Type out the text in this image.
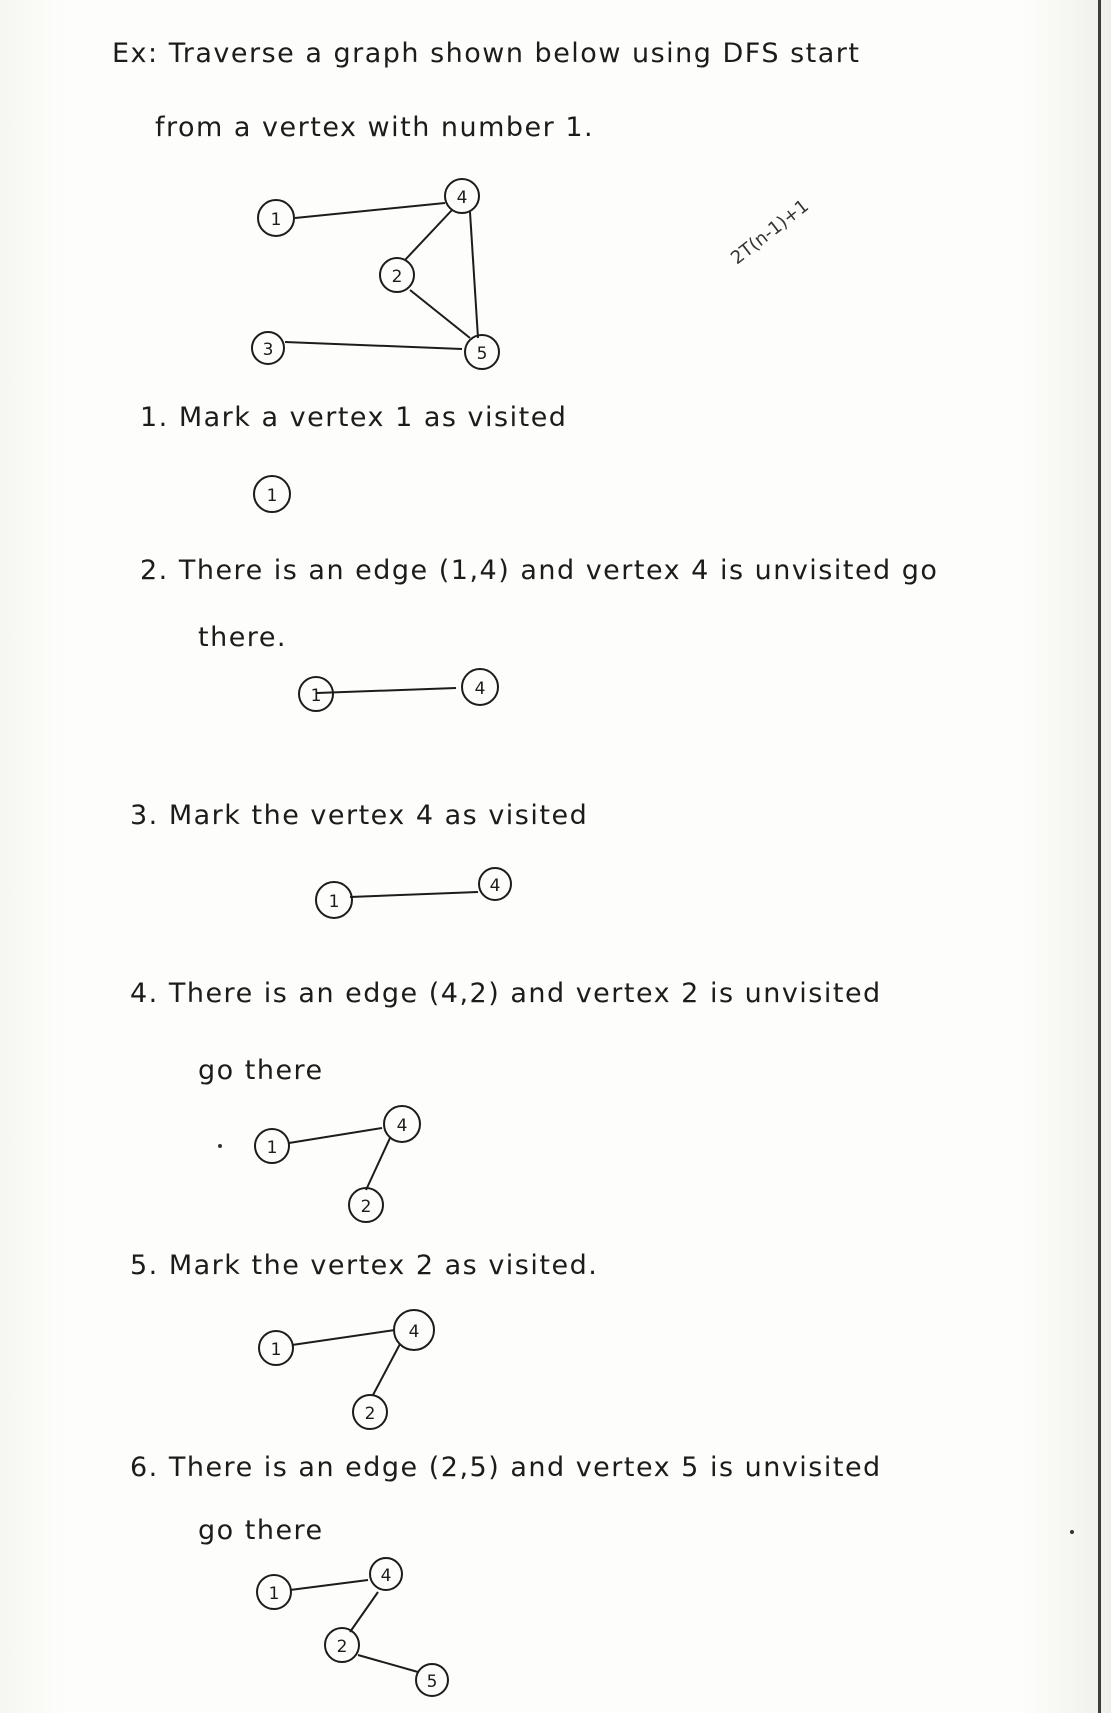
Ex: Traverse a graph shown below using DFS start
from a vertex with number 1.
2T(n-1)+1
1
4
2
3	5
1. Mark a vertex 1 as visited
1
2. There is an edge (1,4) and vertex 4 is unvisited go
there.
1	4
3. Mark the vertex 4 as visited
1
4
4. There is an edge (4,2) and vertex 2 is unvisited
go there
1
4
2
5. Mark the vertex 2 as visited.
1
4
2
6. There is an edge (2,5) and vertex 5 is unvisited
go there
1
4
2
5
